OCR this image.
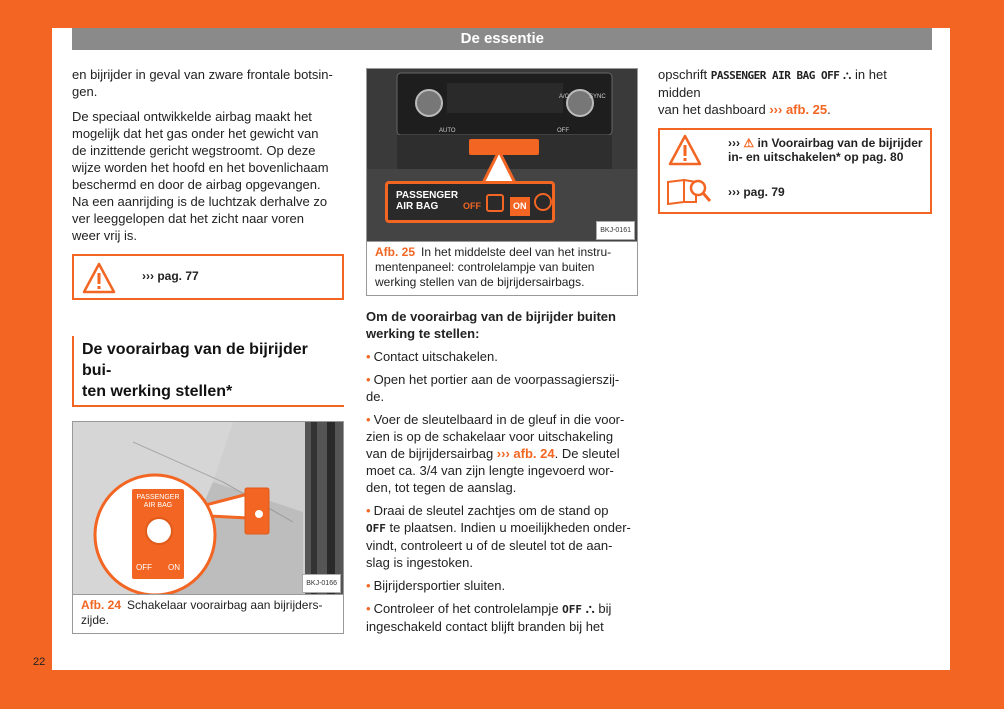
De essentie

en bijrijder in geval van zware frontale botsin-
gen.

De speciaal ontwikkelde airbag maakt het
mogelijk dat het gas onder het gewicht van
de inzittende gericht wegstroomt. Op deze
wijze worden het hoofd en het bovenlichaam
beschermd en door de airbag opgevangen.
Na een aanrijding is de luchtzak derhalve zo
ver leeggelopen dat het zicht naar voren
weer vrij is.

››› pag. 77
De voorairbag van de bijrijder bui-
ten werking stellen*
PASSENGER
AIR BAG
OFF ON
BKJ-0166
Afb. 24 Schakelaar voorairbag aan bijrijders-
zijde.
PASSENGER
AIR BAG	OFF	ON
AUTO	OFF
A/C	SYNC
BKJ-0161
Afb. 25 In het middelste deel van het instru-
mentenpaneel: controlelampje van buiten
werking stellen van de bijrijdersairbags.

Om de voorairbag van de bijrijder buiten
werking te stellen:

• Contact uitschakelen.
• Open het portier aan de voorpassagierszij-
de.
• Voer de sleutelbaard in de gleuf in die voor-
zien is op de schakelaar voor uitschakeling
van de bijrijdersairbag ››› afb. 24. De sleutel
moet ca. 3/4 van zijn lengte ingevoerd wor-
den, tot tegen de aanslag.
• Draai de sleutel zachtjes om de stand op
OFF te plaatsen. Indien u moeilijkheden onder-
vindt, controleert u of de sleutel tot de aan-
slag is ingestoken.
• Bijrijdersportier sluiten.
• Controleer of het controlelampje OFF ⛬ bij
ingeschakeld contact blijft branden bij het

opschrift PASSENGER AIR BAG OFF ⛬ in het midden
van het dashboard ››› afb. 25.

››› ⚠ in Voorairbag van de bijrijder
in- en uitschakelen* op pag. 80
››› pag. 79
22
